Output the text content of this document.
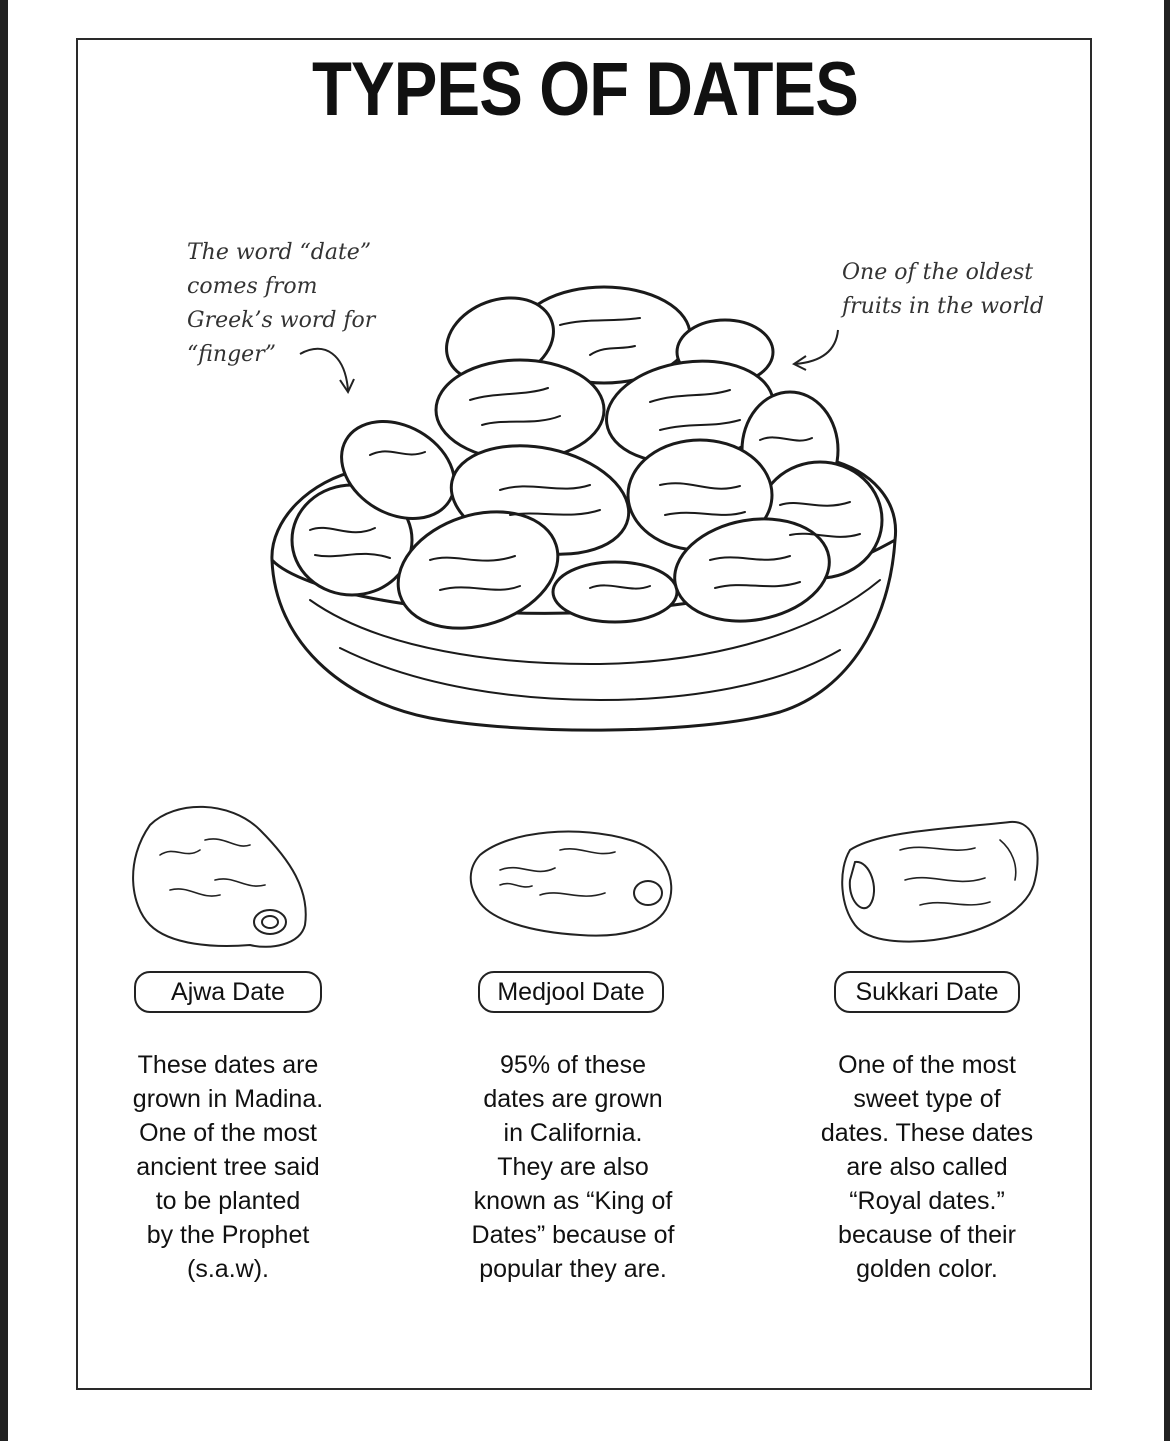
TYPES OF DATES
The word “date”
comes from
Greek’s word for
“finger”
One of the oldest
fruits in the world
Ajwa Date	Medjool Date	Sukkari Date
These dates are
grown in Madina.
One of the most
ancient tree said
to be planted
by the Prophet
(s.a.w).
95% of these
dates are grown
in California.
They are also
known as “King of
Dates” because of
popular they are.
One of the most
sweet type of
dates. These dates
are also called
“Royal dates.”
because of their
golden color.
